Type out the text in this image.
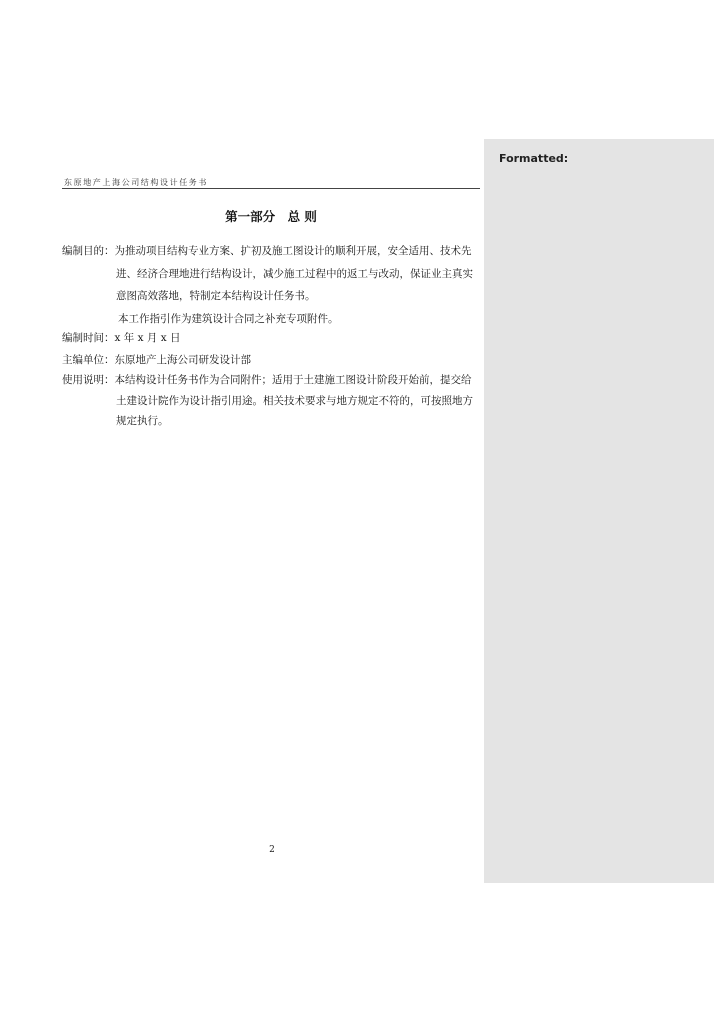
Formatted:
东原地产上海公司结构设计任务书
第一部分　总 则
编制目的：为推动项目结构专业方案、扩初及施工图设计的顺利开展，安全适用、技术先
进、经济合理地进行结构设计，减少施工过程中的返工与改动，保证业主真实
意图高效落地，特制定本结构设计任务书。
本工作指引作为建筑设计合同之补充专项附件。
编制时间：x 年 x 月 x 日
主编单位：东原地产上海公司研发设计部
使用说明：本结构设计任务书作为合同附件；适用于土建施工图设计阶段开始前，提交给
土建设计院作为设计指引用途。相关技术要求与地方规定不符的，可按照地方
规定执行。
2
